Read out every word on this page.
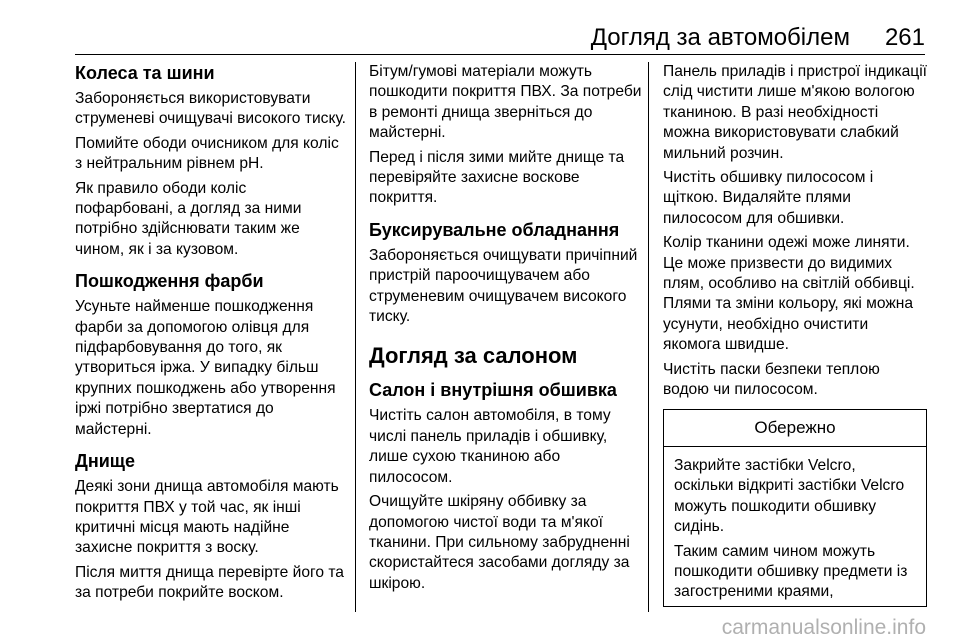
Догляд за автомобілем 261
Колеса та шини
Забороняється використовувати струменеві очищувачі високого тиску.
Помийте ободи очисником для коліс з нейтральним рівнем pH.
Як правило ободи коліс пофарбовані, а догляд за ними потрібно здійснювати таким же чином, як і за кузовом.
Пошкодження фарби
Усуньте найменше пошкодження фарби за допомогою олівця для підфарбовування до того, як утвориться іржа. У випадку більш крупних пошкоджень або утворення іржі потрібно звертатися до майстерні.
Днище
Деякі зони днища автомобіля мають покриття ПВХ у той час, як інші критичні місця мають надійне захисне покриття з воску.
Після миття днища перевірте його та за потреби покрийте воском.
Бітум/гумові матеріали можуть пошкодити покриття ПВХ. За потреби в ремонті днища зверніться до майстерні.
Перед і після зими мийте днище та перевіряйте захисне воскове покриття.
Буксирувальне обладнання
Забороняється очищувати причіпний пристрій пароочищувачем або струменевим очищувачем високого тиску.
Догляд за салоном
Салон і внутрішня обшивка
Чистіть салон автомобіля, в тому числі панель приладів і обшивку, лише сухою тканиною або пилососом.
Очищуйте шкіряну оббивку за допомогою чистої води та м'якої тканини. При сильному забрудненні скористайтеся засобами догляду за шкірою.
Панель приладів і пристрої індикації слід чистити лише м'якою вологою тканиною. В разі необхідності можна використовувати слабкий мильний розчин.
Чистіть обшивку пилососом і щіткою. Видаляйте плями пилососом для обшивки.
Колір тканини одежі може линяти. Це може призвести до видимих плям, особливо на світлій оббивці. Плями та зміни кольору, які можна усунути, необхідно очистити якомога швидше.
Чистіть паски безпеки теплою водою чи пилососом.
Обережно
Закрийте застібки Velcro, оскільки відкриті застібки Velcro можуть пошкодити обшивку сидінь.
Таким самим чином можуть пошкодити обшивку предмети із загостреними краями,
carmanualsonline.info
